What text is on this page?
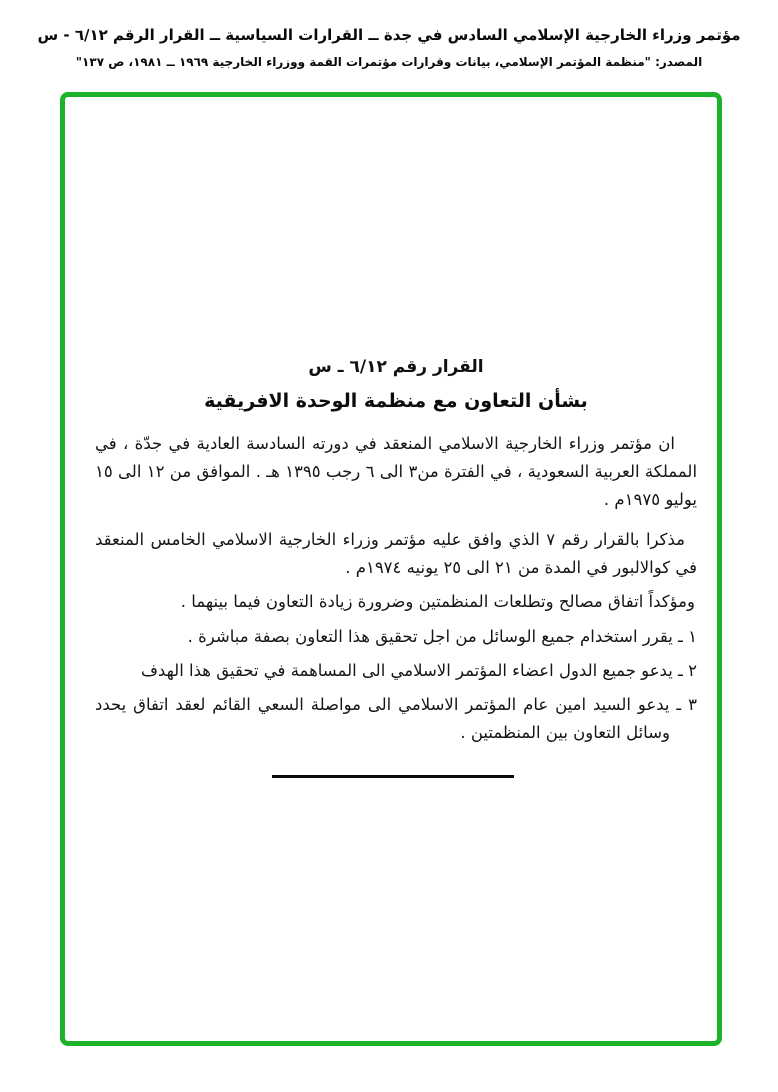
مؤتمر وزراء الخارجية الإسلامي السادس في جدة ــ القرارات السياسية ــ القرار الرقم ٦/١٢ - س
المصدر: "منظمة المؤتمر الإسلامي، بيانات وقرارات مؤتمرات القمة ووزراء الخارجية ١٩٦٩ ــ ١٩٨١، ص ١٣٧"
القرار رقم ٦/١٢ ـ س
بشأن التعاون مع منظمة الوحدة الافريقية

ان مؤتمر وزراء الخارجية الاسلامي المنعقد في دورته السادسة العادية في جدّة ، في المملكة العربية السعودية ، في الفترة من٣ الى ٦ رجب ١٣٩٥ هـ . الموافق من ١٢ الى ١٥ يوليو ١٩٧٥م .

مذكرا بالقرار رقم ٧ الذي وافق عليه مؤتمر وزراء الخارجية الاسلامي الخامس المنعقد في كوالالبور في المدة من ٢١ الى ٢٥ يونيه ١٩٧٤م .

ومؤكداً اتفاق مصالح وتطلعات المنظمتين وضرورة زيادة التعاون فيما بينهما .

١ ـ يقرر استخدام جميع الوسائل من اجل تحقيق هذا التعاون بصفة مباشرة .

٢ ـ يدعو جميع الدول اعضاء المؤتمر الاسلامي الى المساهمة في تحقيق هذا الهدف

٣ ـ يدعو السيد امين عام المؤتمر الاسلامي الى مواصلة السعي القائم لعقد اتفاق يحدد وسائل التعاون بين المنظمتين .
